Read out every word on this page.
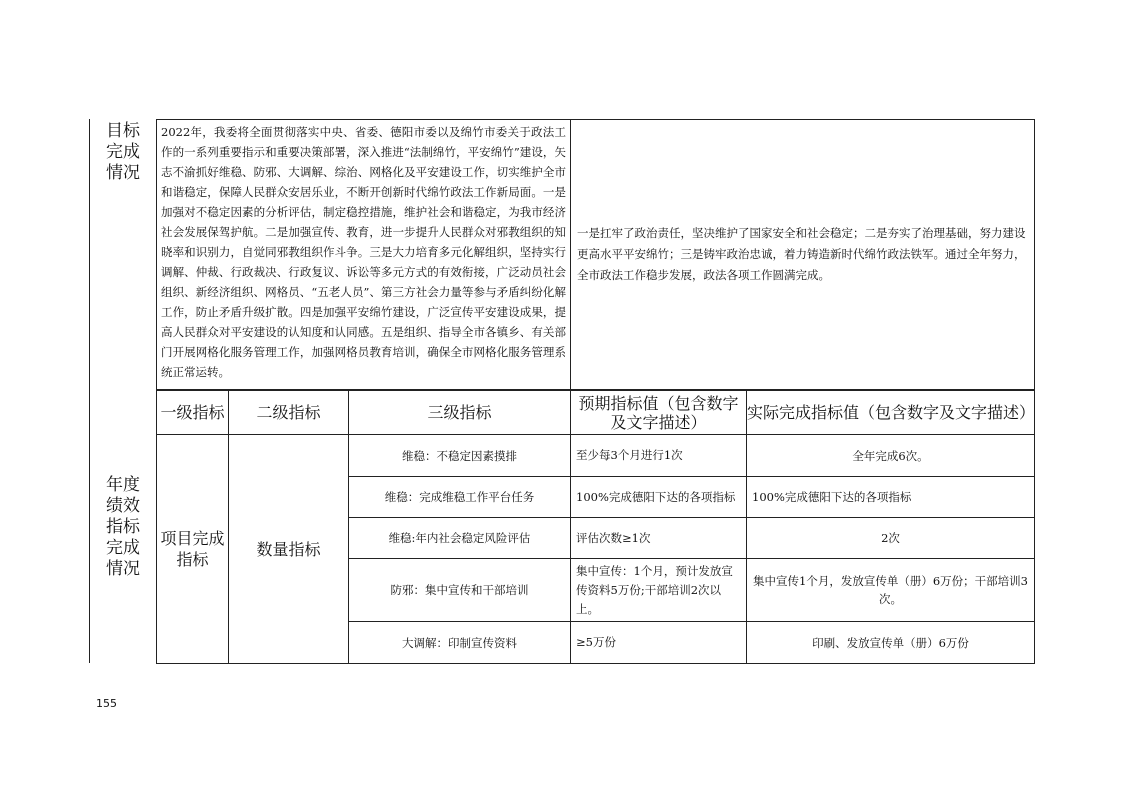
目标
完成
情况
2022年，我委将全面贯彻落实中央、省委、德阳市委以及绵竹市委关于政法工作的一系列重要指示和重要决策部署，深入推进“法制绵竹，平安绵竹”建设，矢志不渝抓好维稳、防邪、大调解、综治、网格化及平安建设工作，切实维护全市和谐稳定，保障人民群众安居乐业，不断开创新时代绵竹政法工作新局面。一是加强对不稳定因素的分析评估，制定稳控措施，维护社会和谐稳定，为我市经济社会发展保驾护航。二是加强宣传、教育，进一步提升人民群众对邪教组织的知晓率和识别力，自觉同邪教组织作斗争。三是大力培育多元化解组织，坚持实行调解、仲裁、行政裁决、行政复议、诉讼等多元方式的有效衔接，广泛动员社会组织、新经济组织、网格员、“五老人员”、第三方社会力量等参与矛盾纠纷化解工作，防止矛盾升级扩散。四是加强平安绵竹建设，广泛宣传平安建设成果，提高人民群众对平安建设的认知度和认同感。五是组织、指导全市各镇乡、有关部门开展网格化服务管理工作，加强网格员教育培训，确保全市网格化服务管理系统正常运转。	一是扛牢了政治责任，坚决维护了国家安全和社会稳定；二是夯实了治理基础，努力建设更高水平平安绵竹；三是铸牢政治忠诚，着力铸造新时代绵竹政法铁军。通过全年努力，全市政法工作稳步发展，政法各项工作圆满完成。
年度
绩效
指标
完成
情况
一级指标	二级指标	三级指标	预期指标值（包含数字及文字描述）	实际完成指标值（包含数字及文字描述）
项目完成指标	数量指标	维稳：不稳定因素摸排	至少每3个月进行1次	全年完成6次。
		维稳：完成维稳工作平台任务	100%完成德阳下达的各项指标	100%完成德阳下达的各项指标
		维稳:年内社会稳定风险评估	评估次数≥1次	2次
		防邪：集中宣传和干部培训	集中宣传：1个月，预计发放宣传资料5万份;干部培训2次以上。	集中宣传1个月，发放宣传单（册）6万份；干部培训3次。
		大调解：印制宣传资料	≥5万份	印刷、发放宣传单（册）6万份
155
